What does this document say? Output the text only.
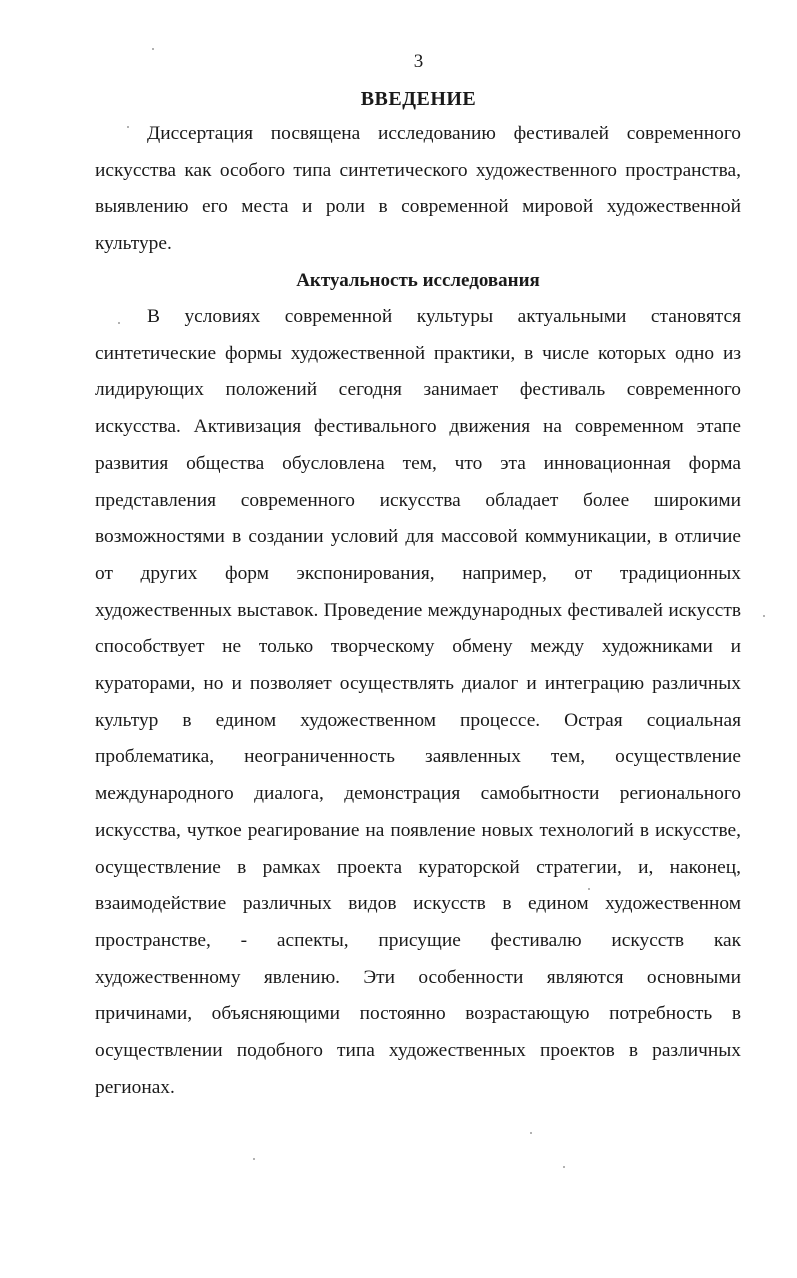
3
ВВЕДЕНИЕ

Диссертация посвящена исследованию фестивалей современного искусства как особого типа синтетического художественного пространства, выявлению его места и роли в современной мировой художественной культуре.

Актуальность исследования

В условиях современной культуры актуальными становятся синтетические формы художественной практики, в числе которых одно из лидирующих положений сегодня занимает фестиваль современного искусства. Активизация фестивального движения на современном этапе развития общества обусловлена тем, что эта инновационная форма представления современного искусства обладает более широкими возможностями в создании условий для массовой коммуникации, в отличие от других форм экспонирования, например, от традиционных художественных выставок. Проведение международных фестивалей искусств способствует не только творческому обмену между художниками и кураторами, но и позволяет осуществлять диалог и интеграцию различных культур в едином художественном процессе. Острая социальная проблематика, неограниченность заявленных тем, осуществление международного диалога, демонстрация самобытности регионального искусства, чуткое реагирование на появление новых технологий в искусстве, осуществление в рамках проекта кураторской стратегии, и, наконец, взаимодействие различных видов искусств в едином художественном пространстве, - аспекты, присущие фестивалю искусств как художественному явлению. Эти особенности являются основными причинами, объясняющими постоянно возрастающую потребность в осуществлении подобного типа художественных проектов в различных регионах.
